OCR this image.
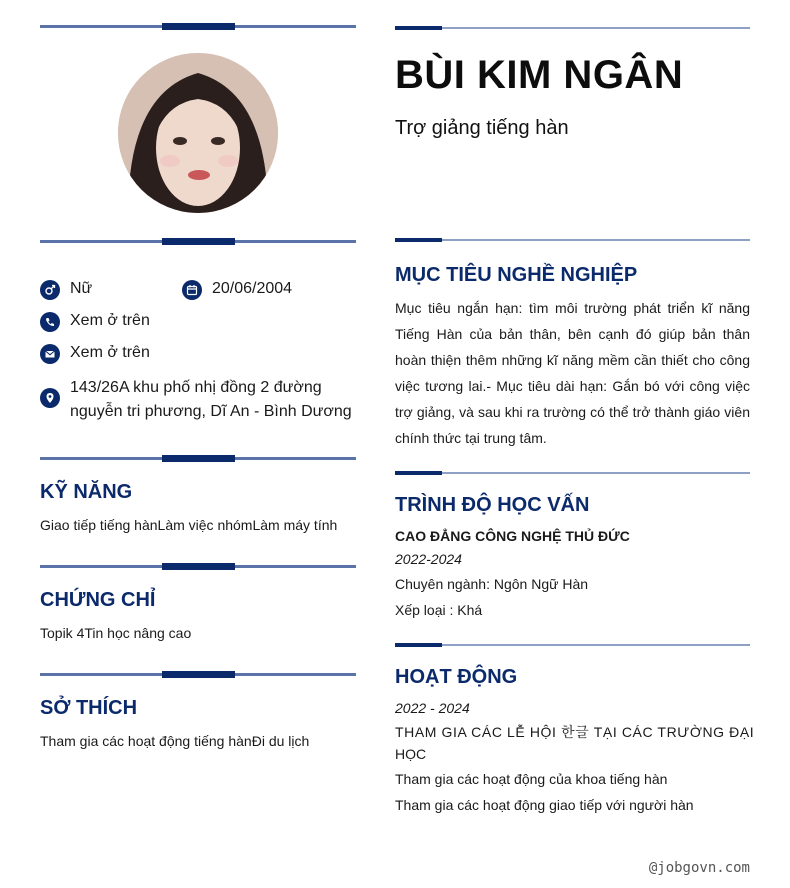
Nữ	20/06/2004
Xem ở trên
Xem ở trên
143/26A khu phố nhị đồng 2 đường
nguyễn tri phương, Dĩ An - Bình Dương
KỸ NĂNG
Giao tiếp tiếng hànLàm việc nhómLàm máy tính
CHỨNG CHỈ
Topik 4Tin học nâng cao
SỞ THÍCH
Tham gia các hoạt động tiếng hànĐi du lịch
BÙI KIM NGÂN
Trợ giảng tiếng hàn
MỤC TIÊU NGHỀ NGHIỆP
Mục tiêu ngắn hạn: tìm môi trường phát triển kĩ năng Tiếng Hàn của bản thân, bên cạnh đó giúp bản thân hoàn thiện thêm những kĩ năng mềm cần thiết cho công việc tương lai.- Mục tiêu dài hạn: Gắn bó với công việc trợ giảng, và sau khi ra trường có thể trở thành giáo viên chính thức tại trung tâm.
TRÌNH ĐỘ HỌC VẤN
CAO ĐẲNG CÔNG NGHỆ THỦ ĐỨC
2022-2024
Chuyên ngành: Ngôn Ngữ Hàn
Xếp loại : Khá
HOẠT ĐỘNG
2022 - 2024
THAM GIA CÁC LỄ HỘI 한글 TẠI CÁC TRƯỜNG ĐẠI
HỌC
Tham gia các hoạt động của khoa tiếng hàn
Tham gia các hoạt động giao tiếp với người hàn
@jobgovn.com
